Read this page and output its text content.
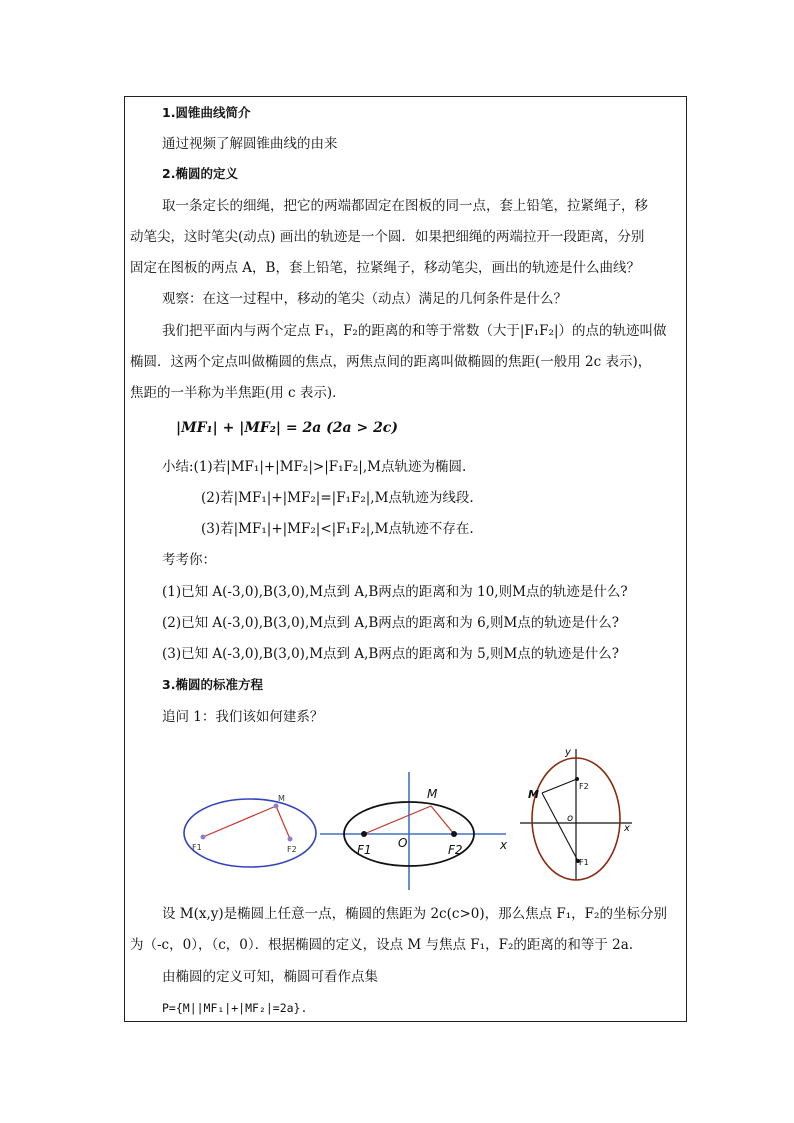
1.圆锥曲线简介
通过视频了解圆锥曲线的由来
2.椭圆的定义
取一条定长的细绳，把它的两端都固定在图板的同一点，套上铅笔，拉紧绳子，移
动笔尖，这时笔尖(动点) 画出的轨迹是一个圆．如果把细绳的两端拉开一段距离，分别
固定在图板的两点 A，B，套上铅笔，拉紧绳子，移动笔尖，画出的轨迹是什么曲线？
观察：在这一过程中，移动的笔尖（动点）满足的几何条件是什么？
我们把平面内与两个定点 F₁，F₂的距离的和等于常数（大于|F₁F₂|）的点的轨迹叫做
椭圆．这两个定点叫做椭圆的焦点，两焦点间的距离叫做椭圆的焦距(一般用 2c 表示)，
焦距的一半称为半焦距(用 c 表示)．
|MF₁| + |MF₂| = 2a (2a > 2c)
小结:(1)若|MF₁|+|MF₂|>|F₁F₂|,M点轨迹为椭圆.
(2)若|MF₁|+|MF₂|=|F₁F₂|,M点轨迹为线段.
(3)若|MF₁|+|MF₂|<|F₁F₂|,M点轨迹不存在.
考考你：
(1)已知 A(-3,0),B(3,0),M点到 A,B两点的距离和为 10,则M点的轨迹是什么?
(2)已知 A(-3,0),B(3,0),M点到 A,B两点的距离和为 6,则M点的轨迹是什么?
(3)已知 A(-3,0),B(3,0),M点到 A,B两点的距离和为 5,则M点的轨迹是什么?
3.椭圆的标准方程
追问 1：我们该如何建系？
M
F1	F2
M
O
F1	F2	x
y
x
M
o
F2
F1
设 M(x,y)是椭圆上任意一点，椭圆的焦距为 2c(c>0)，那么焦点 F₁，F₂的坐标分别
为（-c，0），（c，0）．根据椭圆的定义，设点 M 与焦点 F₁，F₂的距离的和等于 2a.
由椭圆的定义可知，椭圆可看作点集
P={M||MF₁|+|MF₂|=2a}.
